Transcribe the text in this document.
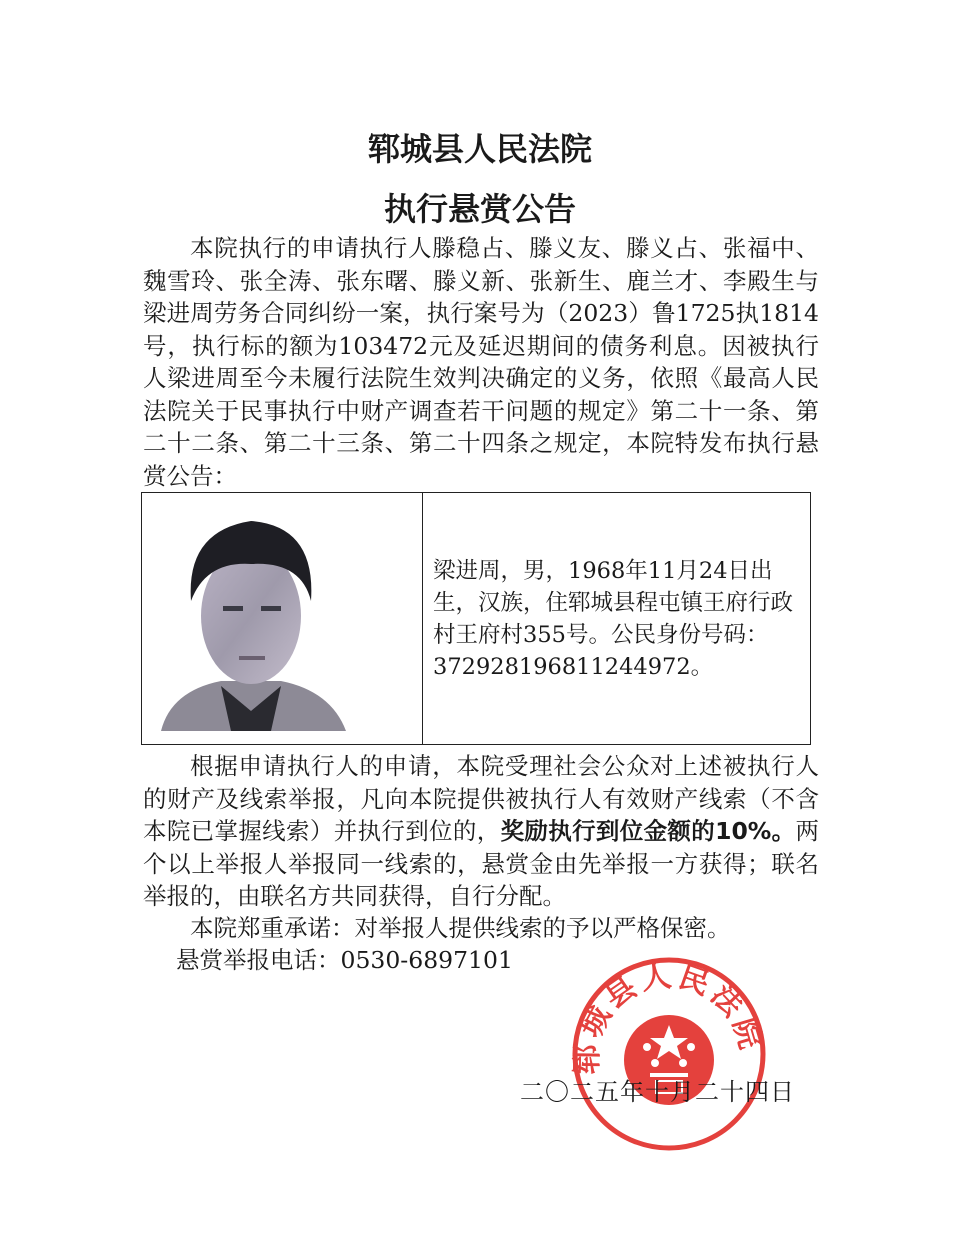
郓城县人民法院
执行悬赏公告
本院执行的申请执行人滕稳占、滕义友、滕义占、张福中、魏雪玲、张全涛、张东曙、滕义新、张新生、鹿兰才、李殿生与梁进周劳务合同纠纷一案，执行案号为（2023）鲁1725执1814号，执行标的额为103472元及延迟期间的债务利息。因被执行人梁进周至今未履行法院生效判决确定的义务，依照《最高人民法院关于民事执行中财产调查若干问题的规定》第二十一条、第二十二条、第二十三条、第二十四条之规定，本院特发布执行悬赏公告：
	梁进周，男，1968年11月24日出生，汉族，住郓城县程屯镇王府行政村王府村355号。公民身份号码：372928196811244972。
根据申请执行人的申请，本院受理社会公众对上述被执行人的财产及线索举报，凡向本院提供被执行人有效财产线索（不含本院已掌握线索）并执行到位的，奖励执行到位金额的10%。两个以上举报人举报同一线索的，悬赏金由先举报一方获得；联名举报的，由联名方共同获得，自行分配。
本院郑重承诺：对举报人提供线索的予以严格保密。
悬赏举报电话：0530-6897101
郓城县人民法院
二〇二五年十月二十四日
